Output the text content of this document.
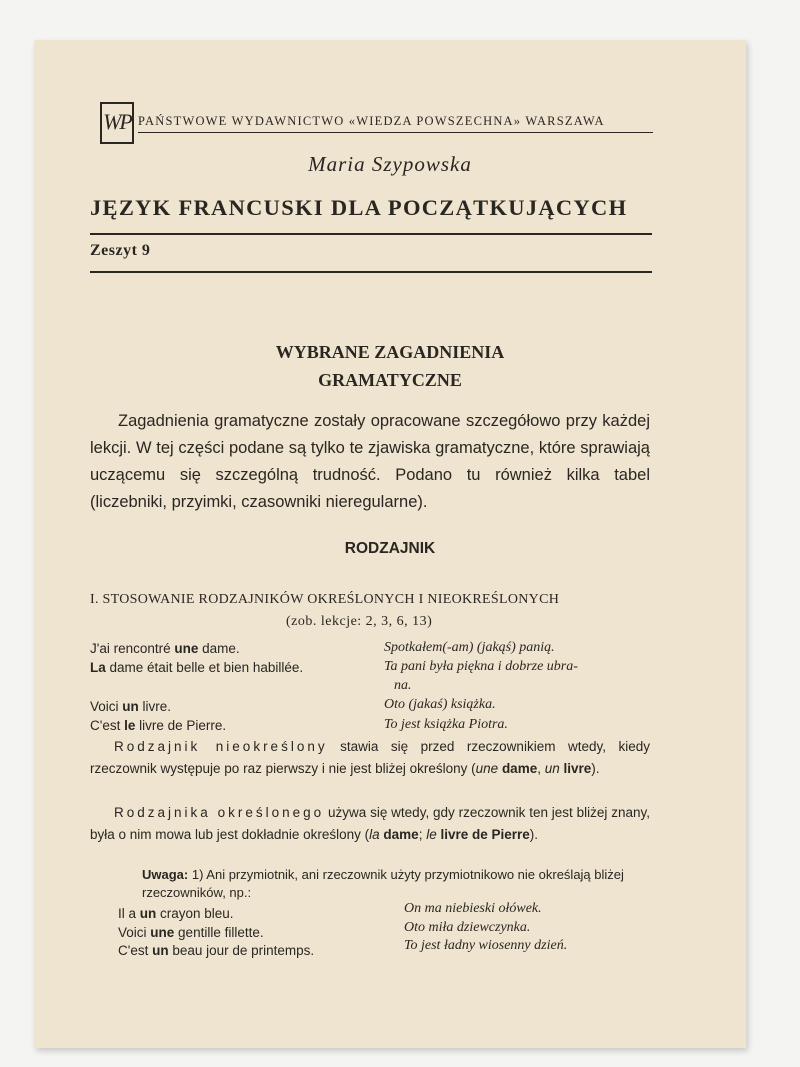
WP PAŃSTWOWE WYDAWNICTWO «WIEDZA POWSZECHNA» WARSZAWA
Maria Szypowska
JĘZYK FRANCUSKI DLA POCZĄTKUJĄCYCH
Zeszyt 9
WYBRANE ZAGADNIENIA
GRAMATYCZNE
Zagadnienia gramatyczne zostały opracowane szczegółowo przy każdej lekcji. W tej części podane są tylko te zjawiska gramatyczne, które sprawiają uczącemu się szczególną trudność. Podano tu również kilka tabel (liczebniki, przyimki, czasowniki nieregularne).
RODZAJNIK
I. STOSOWANIE RODZAJNIKÓW OKREŚLONYCH I NIEOKREŚLONYCH
(zob. lekcje: 2, 3, 6, 13)
J'ai rencontré une dame.	Spotkałem(-am) (jakąś) panią.
La dame était belle et bien habillée.	Ta pani była piękna i dobrze ubra-
na.
Voici un livre.	Oto (jakaś) książka.
C'est le livre de Pierre.	To jest książka Piotra.
Rodzajnik nieokreślony stawia się przed rzeczownikiem wtedy, kiedy rzeczownik występuje po raz pierwszy i nie jest bliżej określony (une dame, un livre).
Rodzajnika określonego używa się wtedy, gdy rzeczownik ten jest bliżej znany, była o nim mowa lub jest dokładnie określony (la dame; le livre de Pierre).
Uwaga: 1) Ani przymiotnik, ani rzeczownik użyty przymiotnikowo nie określają bliżej rzeczowników, np.:
Il a un crayon bleu.	On ma niebieski ołówek.
Voici une gentille fillette.	Oto miła dziewczynka.
C'est un beau jour de printemps.	To jest ładny wiosenny dzień.
